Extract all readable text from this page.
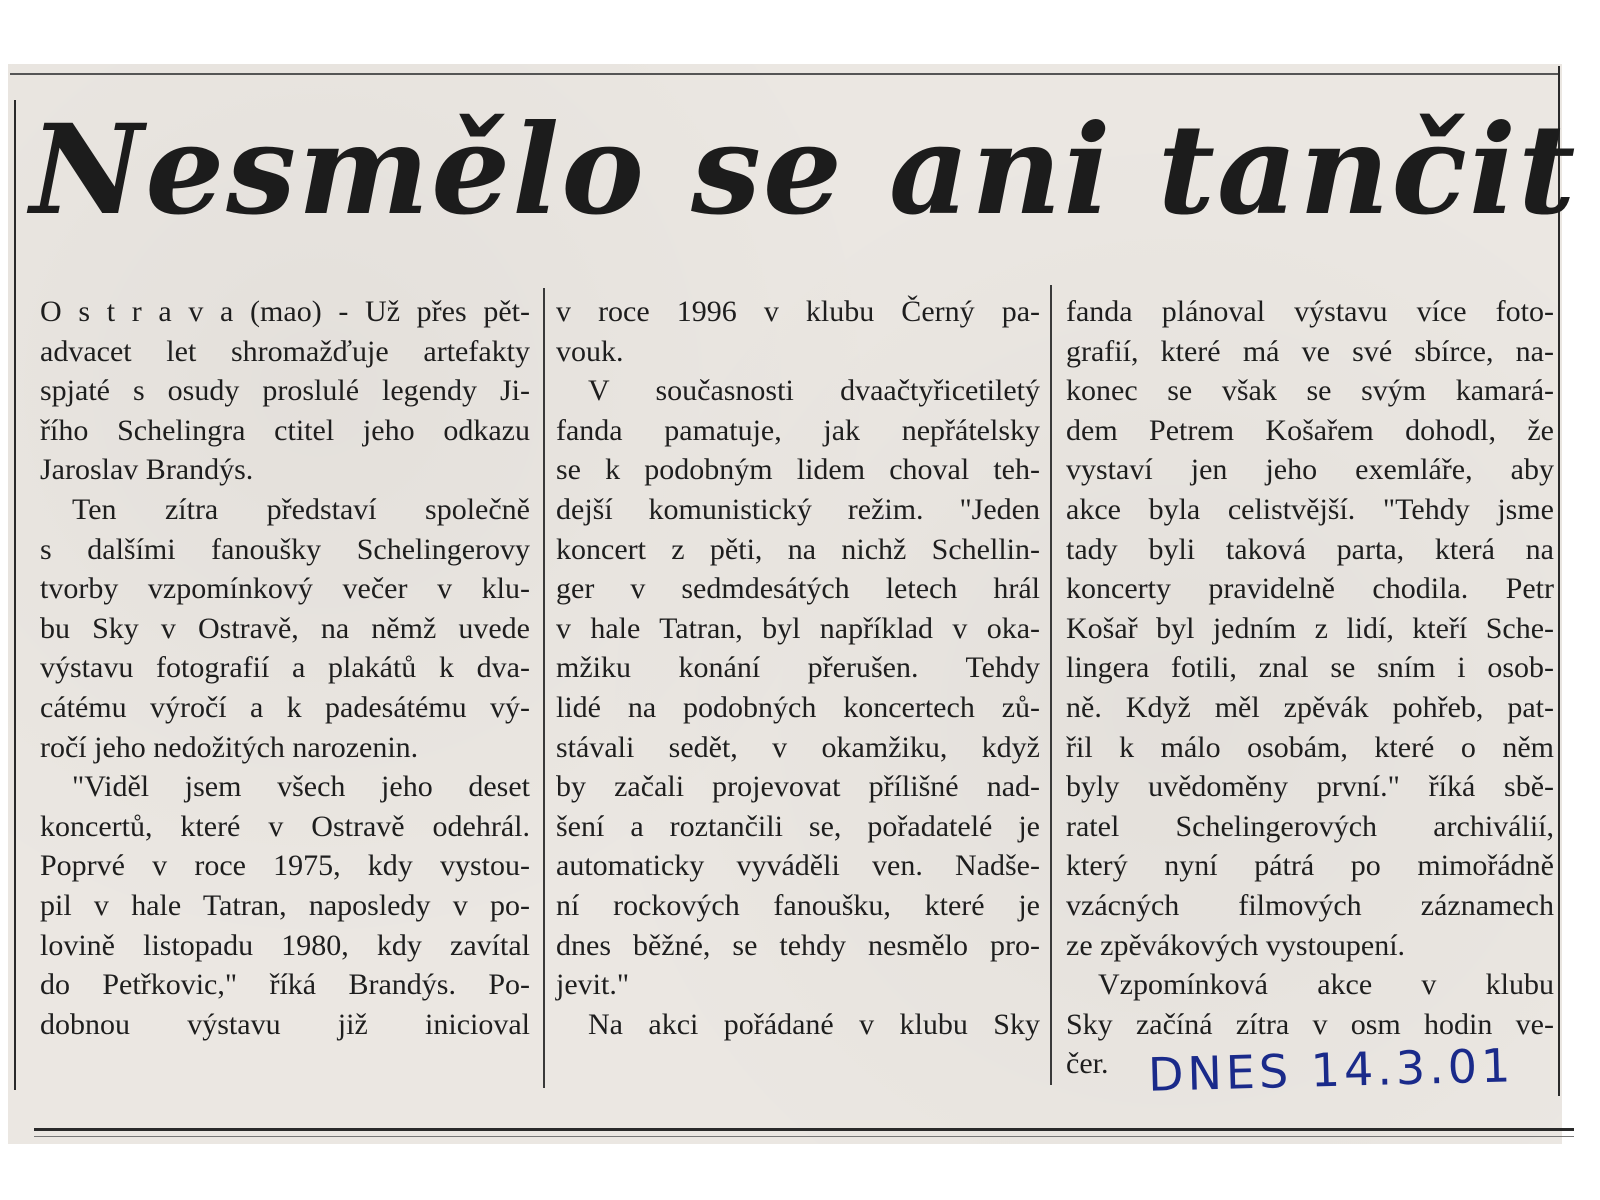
Nesmělo se ani tančit
O s t r a v a (mao) - Už přes pět-
advacet let shromažďuje artefakty
spjaté s osudy proslulé legendy Ji-
řího Schelingra ctitel jeho odkazu
Jaroslav Brandýs.
Ten zítra představí společně
s dalšími fanoušky Schelingerovy
tvorby vzpomínkový večer v klu-
bu Sky v Ostravě, na němž uvede
výstavu fotografií a plakátů k dva-
cátému výročí a k padesátému vý-
ročí jeho nedožitých narozenin.
"Viděl jsem všech jeho deset
koncertů, které v Ostravě odehrál.
Poprvé v roce 1975, kdy vystou-
pil v hale Tatran, naposledy v po-
lovině listopadu 1980, kdy zavítal
do Petřkovic," říká Brandýs. Po-
dobnou výstavu již inicioval
v roce 1996 v klubu Černý pa-
vouk.
V současnosti dvaačtyřicetiletý
fanda pamatuje, jak nepřátelsky
se k podobným lidem choval teh-
dejší komunistický režim. "Jeden
koncert z pěti, na nichž Schellin-
ger v sedmdesátých letech hrál
v hale Tatran, byl například v oka-
mžiku konání přerušen. Tehdy
lidé na podobných koncertech zů-
stávali sedět, v okamžiku, když
by začali projevovat přílišné nad-
šení a roztančili se, pořadatelé je
automaticky vyváděli ven. Nadše-
ní rockových fanoušku, které je
dnes běžné, se tehdy nesmělo pro-
jevit."
Na akci pořádané v klubu Sky
fanda plánoval výstavu více foto-
grafií, které má ve své sbírce, na-
konec se však se svým kamará-
dem Petrem Košařem dohodl, že
vystaví jen jeho exemláře, aby
akce byla celistvější. "Tehdy jsme
tady byli taková parta, která na
koncerty pravidelně chodila. Petr
Košař byl jedním z lidí, kteří Sche-
lingera fotili, znal se sním i osob-
ně. Když měl zpěvák pohřeb, pat-
řil k málo osobám, které o něm
byly uvědoměny první." říká sbě-
ratel Schelingerových archiválií,
který nyní pátrá po mimořádně
vzácných filmových záznamech
ze zpěvákových vystoupení.
Vzpomínková akce v klubu
Sky začíná zítra v osm hodin ve-
čer. DNES 14.3.01
